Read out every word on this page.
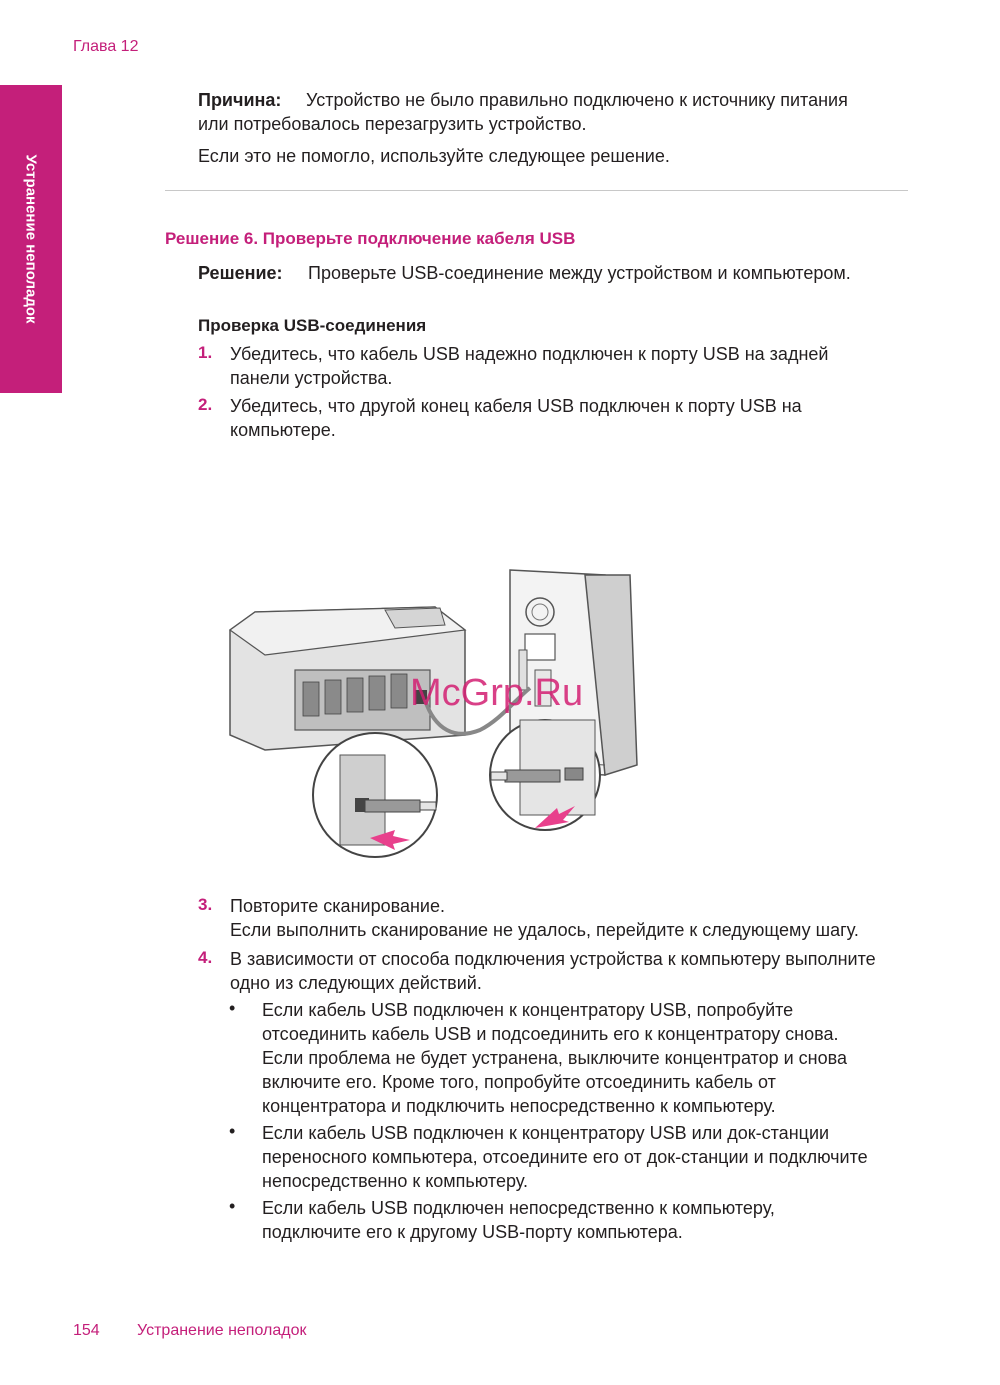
Глава 12
Устранение неполадок
Причина: Устройство не было правильно подключено к источнику питания
или потребовалось перезагрузить устройство.
Если это не помогло, используйте следующее решение.
Решение 6. Проверьте подключение кабеля USB
Решение: Проверьте USB-соединение между устройством и компьютером.
Проверка USB-соединения
1. Убедитесь, что кабель USB надежно подключен к порту USB на задней
панели устройства.
2. Убедитесь, что другой конец кабеля USB подключен к порту USB на
компьютере.
McGrp.Ru
3. Повторите сканирование.
Если выполнить сканирование не удалось, перейдите к следующему шагу.
4. В зависимости от способа подключения устройства к компьютеру выполните
одно из следующих действий.
• Если кабель USB подключен к концентратору USB, попробуйте
отсоединить кабель USB и подсоединить его к концентратору снова.
Если проблема не будет устранена, выключите концентратор и снова
включите его. Кроме того, попробуйте отсоединить кабель от
концентратора и подключить непосредственно к компьютеру.
• Если кабель USB подключен к концентратору USB или док-станции
переносного компьютера, отсоедините его от док-станции и подключите
непосредственно к компьютеру.
• Если кабель USB подключен непосредственно к компьютеру,
подключите его к другому USB-порту компьютера.
154 Устранение неполадок
